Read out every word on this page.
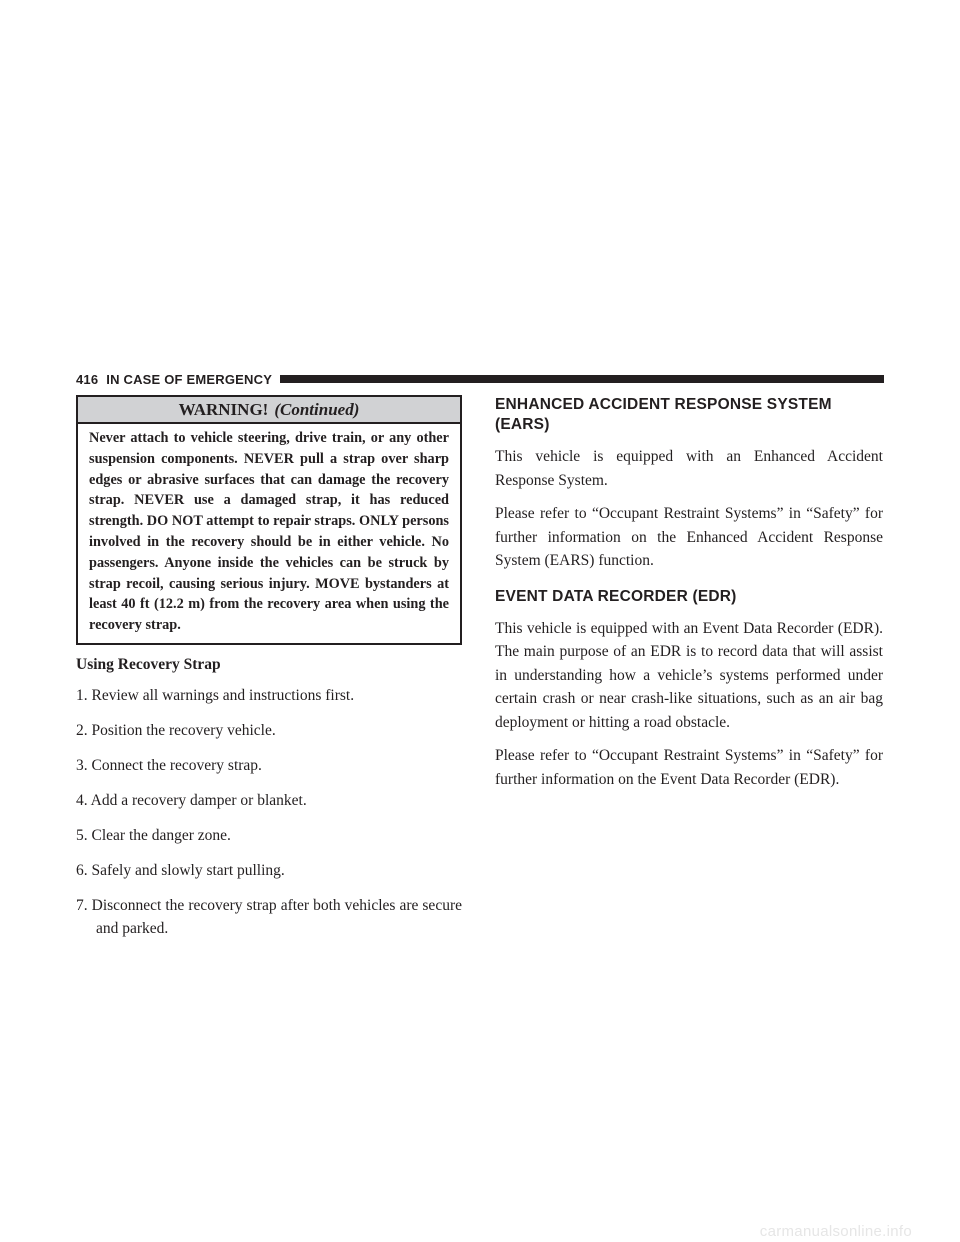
416 IN CASE OF EMERGENCY
WARNING! (Continued)
Never attach to vehicle steering, drive train, or any other suspension components. NEVER pull a strap over sharp edges or abrasive surfaces that can damage the recovery strap. NEVER use a damaged strap, it has reduced strength. DO NOT attempt to repair straps. ONLY persons involved in the recovery should be in either vehicle. No passengers. Anyone inside the vehicles can be struck by strap recoil, causing serious injury. MOVE bystanders at least 40 ft (12.2 m) from the recovery area when using the recovery strap.
Using Recovery Strap
1. Review all warnings and instructions first.
2. Position the recovery vehicle.
3. Connect the recovery strap.
4. Add a recovery damper or blanket.
5. Clear the danger zone.
6. Safely and slowly start pulling.
7. Disconnect the recovery strap after both vehicles are secure and parked.
ENHANCED ACCIDENT RESPONSE SYSTEM (EARS)

This vehicle is equipped with an Enhanced Accident Response System.

Please refer to “Occupant Restraint Systems” in “Safety” for further information on the Enhanced Accident Response System (EARS) function.

EVENT DATA RECORDER (EDR)

This vehicle is equipped with an Event Data Recorder (EDR). The main purpose of an EDR is to record data that will assist in understanding how a vehicle’s systems performed under certain crash or near crash-like situations, such as an air bag deployment or hitting a road obstacle.

Please refer to “Occupant Restraint Systems” in “Safety” for further information on the Event Data Recorder (EDR).

carmanualsonline.info
